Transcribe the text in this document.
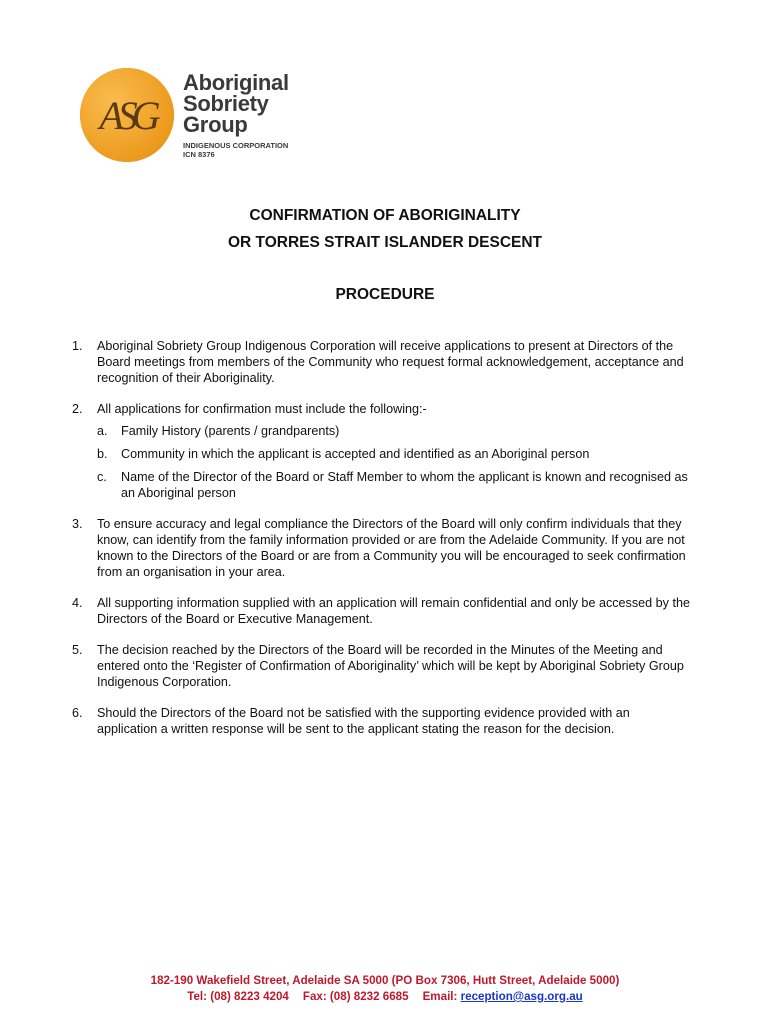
ASG
Aboriginal
Sobriety
Group
INDIGENOUS CORPORATION
ICN 8376
CONFIRMATION OF ABORIGINALITY
OR TORRES STRAIT ISLANDER DESCENT
PROCEDURE
1.	Aboriginal Sobriety Group Indigenous Corporation will receive applications to present at Directors of the Board meetings from members of the Community who request formal acknowledgement, acceptance and recognition of their Aboriginality.
2.	All applications for confirmation must include the following:-
a.	Family History (parents / grandparents)
b.	Community in which the applicant is accepted and identified as an Aboriginal person
c.	Name of the Director of the Board or Staff Member to whom the applicant is known and recognised as an Aboriginal person
3.	To ensure accuracy and legal compliance the Directors of the Board will only confirm individuals that they know, can identify from the family information provided or are from the Adelaide Community. If you are not known to the Directors of the Board or are from a Community you will be encouraged to seek confirmation from an organisation in your area.
4.	All supporting information supplied with an application will remain confidential and only be accessed by the Directors of the Board or Executive Management.
5.	The decision reached by the Directors of the Board will be recorded in the Minutes of the Meeting and entered onto the ‘Register of Confirmation of Aboriginality’ which will be kept by Aboriginal Sobriety Group Indigenous Corporation.
6.	Should the Directors of the Board not be satisfied with the supporting evidence provided with an application a written response will be sent to the applicant stating the reason for the decision.
182-190 Wakefield Street, Adelaide SA 5000 (PO Box 7306, Hutt Street, Adelaide 5000)
Tel: (08) 8223 4204 Fax: (08) 8232 6685 Email: reception@asg.org.au
